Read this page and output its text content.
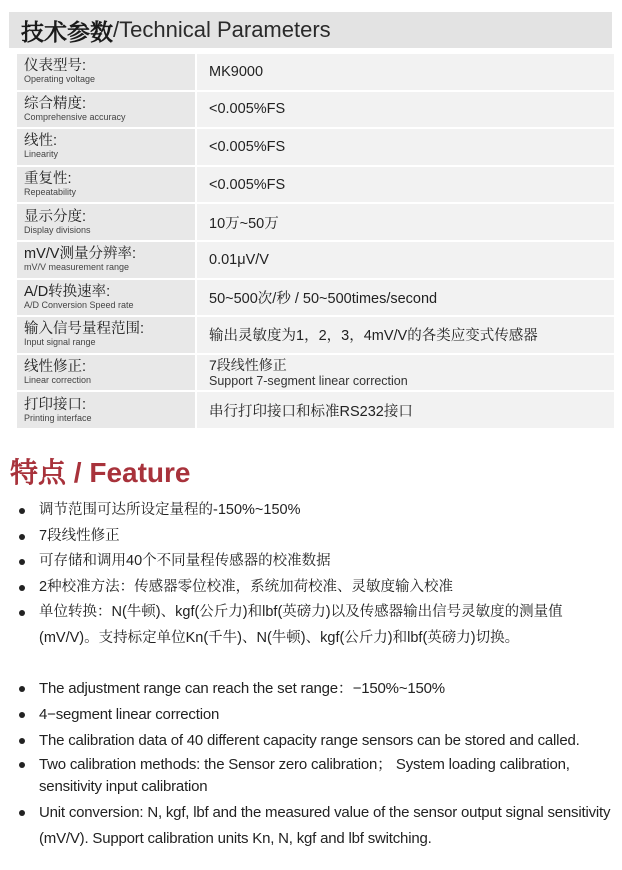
技术参数 / Technical Parameters
仪表型号:
Operating voltage	MK9000

综合精度:
Comprehensive accuracy	<0.005%FS

线性:
Linearity	<0.005%FS

重复性:
Repeatability	<0.005%FS

显示分度:
Display divisions	10万~50万

mV/V测量分辨率:
mV/V measurement range	0.01μV/V

A/D转换速率:
A/D Conversion Speed rate	50~500次/秒 / 50~500times/second

输入信号量程范围:
Input signal range	输出灵敏度为1，2，3，4mV/V的各类应变式传感器

线性修正:
Linear correction	7段线性修正
Support 7-segment linear correction

打印接口:
Printing interface	串行打印接口和标准RS232接口
特点 / Feature
调节范围可达所设定量程的-150%~150%
7段线性修正
可存储和调用40个不同量程传感器的校准数据
2种校准方法：传感器零位校准，系统加荷校准、灵敏度输入校准
单位转换：N(牛顿)、kgf(公斤力)和lbf(英磅力)以及传感器输出信号灵敏度的测量值(mV/V)。支持标定单位Kn(千牛)、N(牛顿)、kgf(公斤力)和lbf(英磅力)切换。
The adjustment range can reach the set range：−150%~150%
4−segment linear correction
The calibration data of 40 different capacity range sensors can be stored and called.
Two calibration methods: the Sensor zero calibration； System loading calibration, sensitivity input calibration
Unit conversion: N, kgf, lbf and the measured value of the sensor output signal sensitivity (mV/V). Support calibration units Kn, N, kgf and lbf switching.
